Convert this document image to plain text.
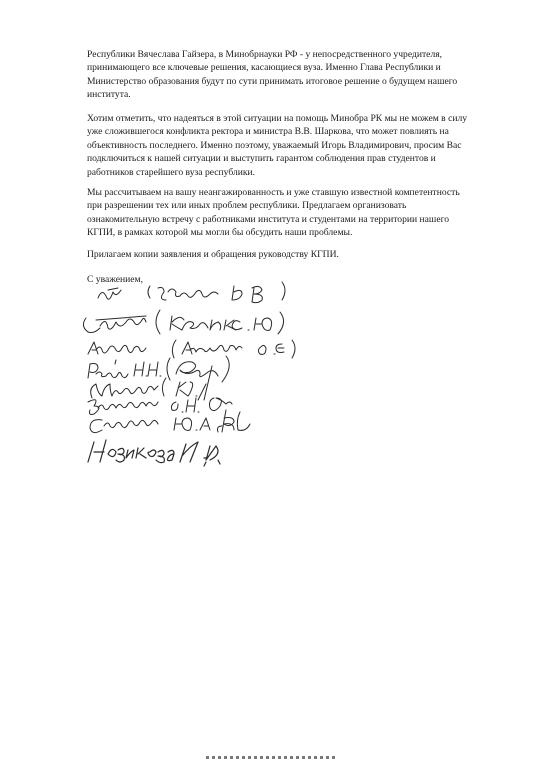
Республики Вячеслава Гайзера, в Минобрнауки РФ - у непосредственного учредителя,
принимающего все ключевые решения, касающиеся вуза. Именно Глава Республики и
Министерство образования будут по сути принимать итоговое решение о будущем нашего
института.
Хотим отметить, что надеяться в этой ситуации на помощь Минобра РК мы не можем в силу
уже сложившегося конфликта ректора и министра В.В. Шаркова, что может повлиять на
объективность последнего. Именно поэтому, уважаемый Игорь Владимирович, просим Вас
подключиться к нашей ситуации и выступить гарантом соблюдения прав студентов и
работников старейшего вуза республики.
Мы рассчитываем на вашу неангажированность и уже ставшую известной компетентность
при разрешении тех или иных проблем республики. Предлагаем организовать
ознакомительную встречу с работниками института и студентами на территории нашего
КГПИ, в рамках которой мы могли бы обсудить наши проблемы.
Прилагаем копии заявления и обращения руководству КГПИ.
С уважением,
